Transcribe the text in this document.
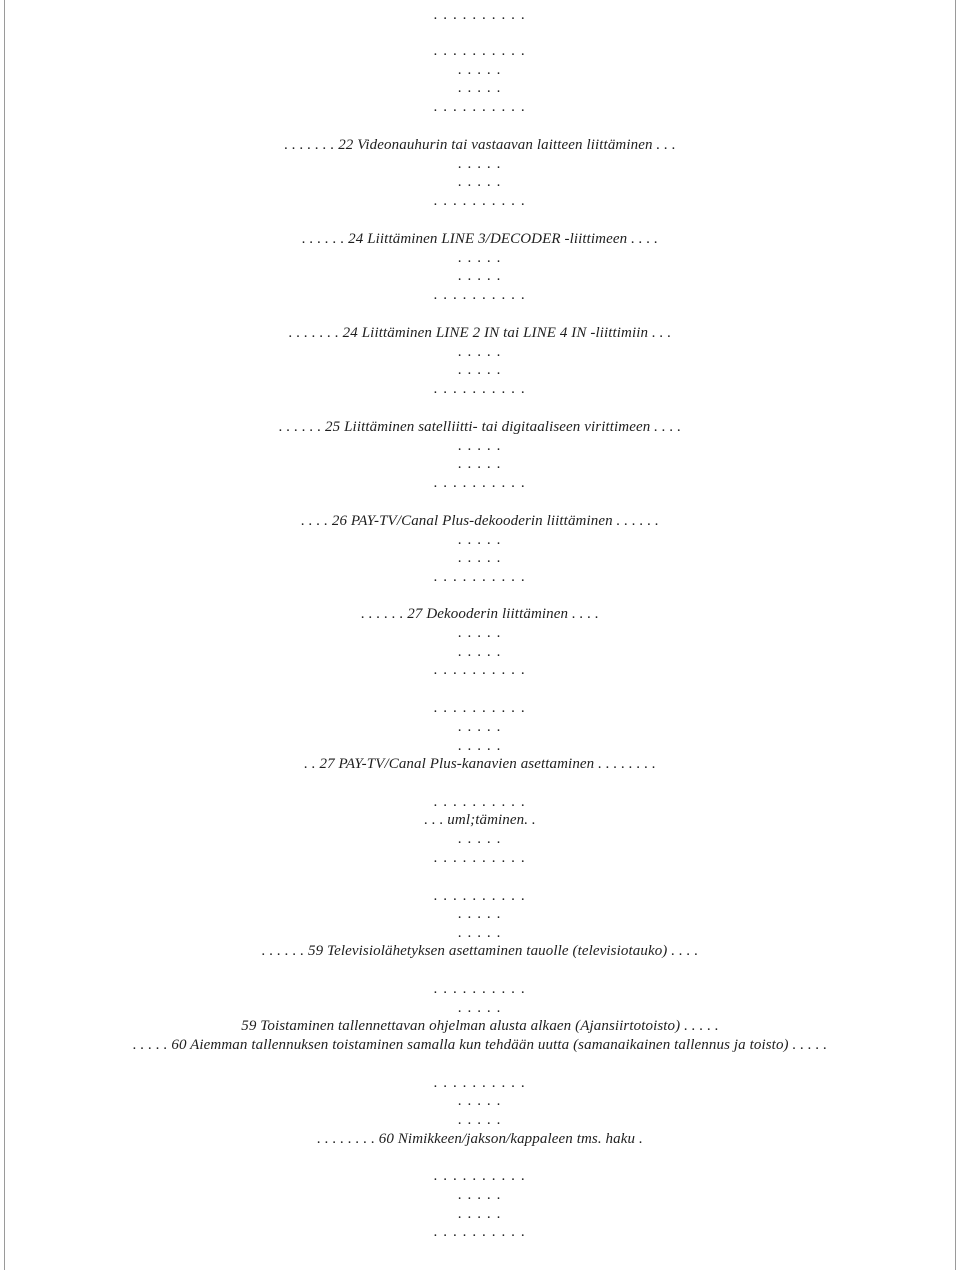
. . . . . . . . . .
. . . . . . . . . .
. . . . .
. . . . .
. . . . . . . . . .
. . . . . . . 22 Videonauhurin tai vastaavan laitteen liittäminen . . .
. . . . .
. . . . .
. . . . . . . . . .
. . . . . . 24 Liittäminen LINE 3/DECODER -liittimeen . . . .
. . . . .
. . . . .
. . . . . . . . . .
. . . . . . . 24 Liittäminen LINE 2 IN tai LINE 4 IN -liittimiin . . .
. . . . .
. . . . .
. . . . . . . . . .
. . . . . . 25 Liittäminen satelliitti- tai digitaaliseen virittimeen . . . .
. . . . .
. . . . .
. . . . . . . . . .
. . . . 26 PAY-TV/Canal Plus-dekooderin liittäminen . . . . . .
. . . . .
. . . . .
. . . . . . . . . .
. . . . . . 27 Dekooderin liittäminen . . . .
. . . . .
. . . . .
. . . . . . . . . .
. . . . . . . . . .
. . . . .
. . . . .
. . 27 PAY-TV/Canal Plus-kanavien asettaminen . . . . . . . .
. . . . . . . . . .
. . . uml;täminen. .
. . . . .
. . . . . . . . . .
. . . . . . . . . .
. . . . .
. . . . .
. . . . . . 59 Televisiolähetyksen asettaminen tauolle (televisiotauko) . . . .
. . . . . . . . . .
. . . . .
59 Toistaminen tallennettavan ohjelman alusta alkaen (Ajansiirtotoisto) . . . . .
. . . . . 60 Aiemman tallennuksen toistaminen samalla kun tehdään uutta (samanaikainen tallennus ja toisto) . . . . .
. . . . . . . . . .
. . . . .
. . . . .
. . . . . . . . 60 Nimikkeen/jakson/kappaleen tms. haku .
. . . . . . . . . .
. . . . .
. . . . .
. . . . . . . . . .
